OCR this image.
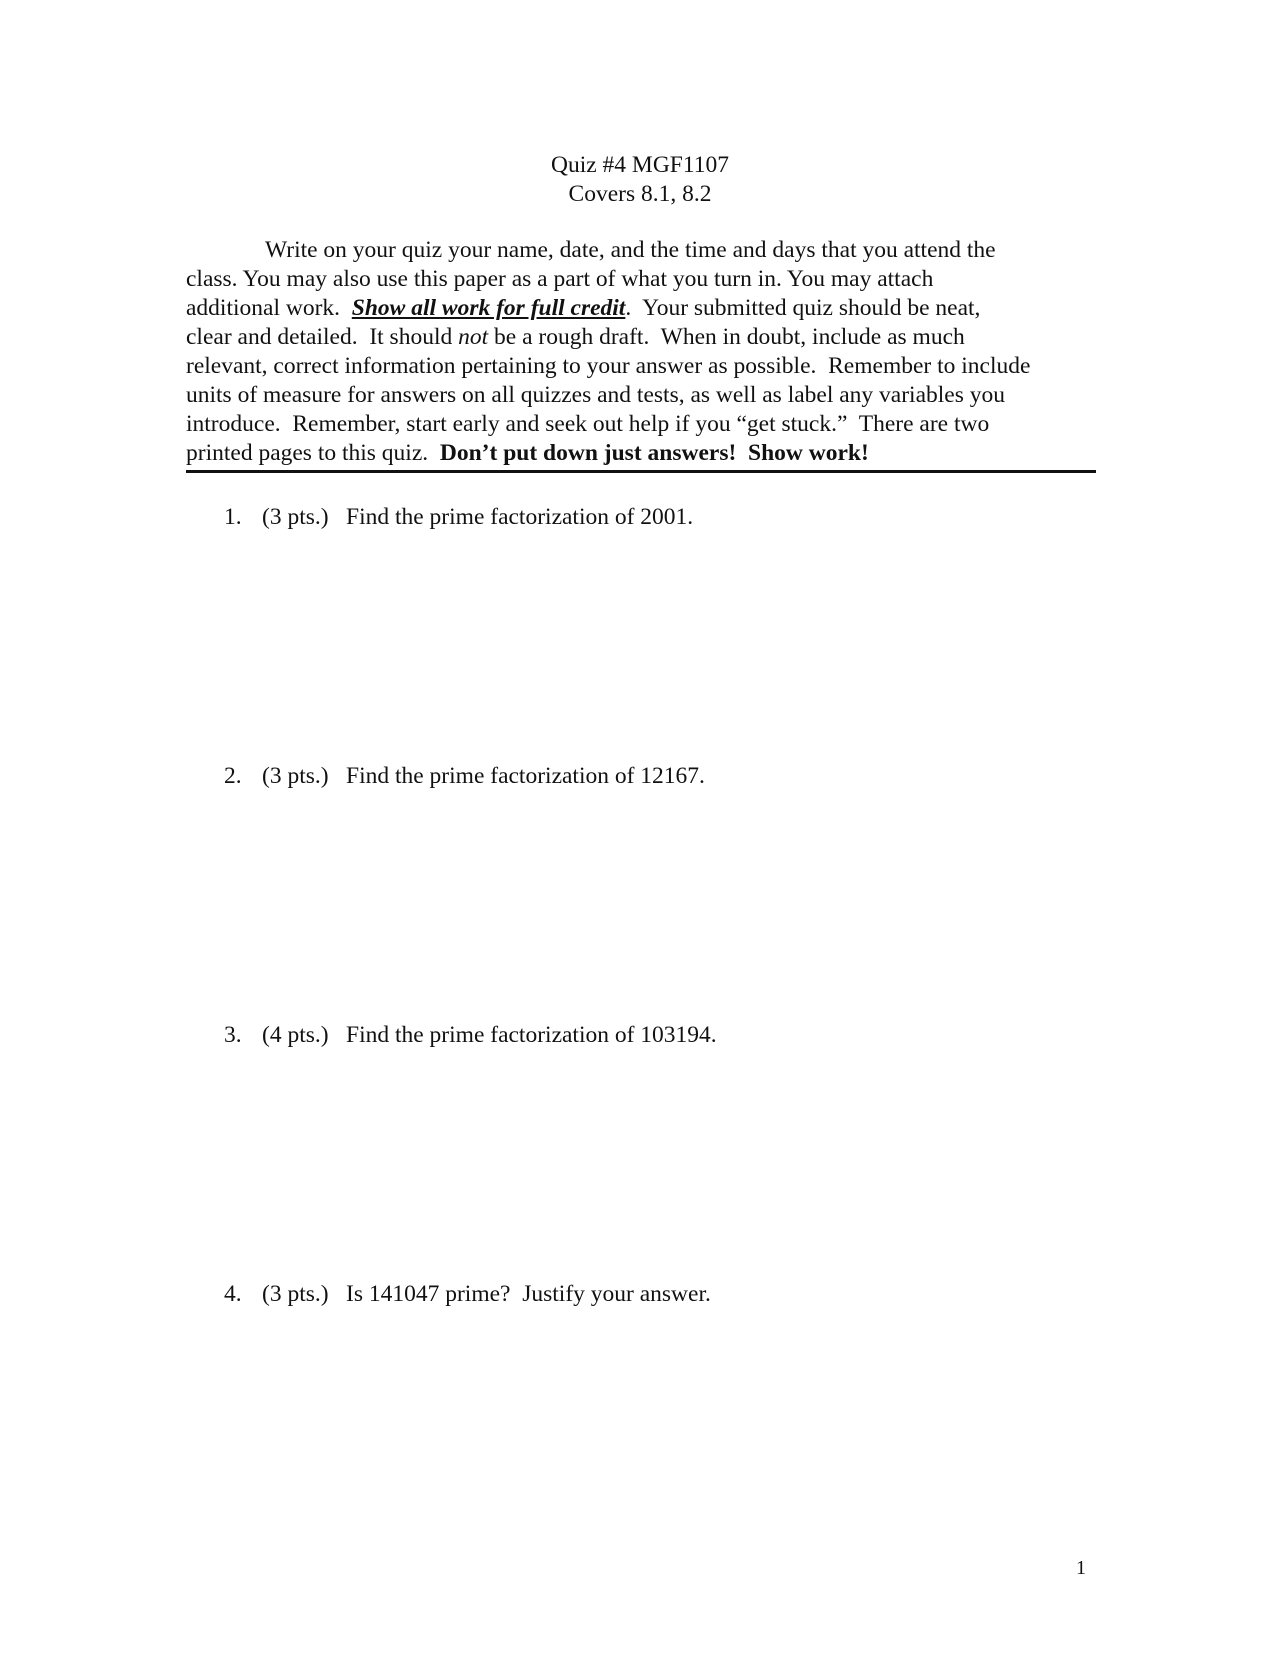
Quiz #4 MGF1107
Covers 8.1, 8.2
Write on your quiz your name, date, and the time and days that you attend the
class. You may also use this paper as a part of what you turn in. You may attach
additional work.  Show all work for full credit.  Your submitted quiz should be neat,
clear and detailed.  It should not be a rough draft.  When in doubt, include as much
relevant, correct information pertaining to your answer as possible.  Remember to include
units of measure for answers on all quizzes and tests, as well as label any variables you
introduce.  Remember, start early and seek out help if you “get stuck.”  There are two
printed pages to this quiz.  Don’t put down just answers!  Show work!
1. (3 pts.) Find the prime factorization of 2001.
2. (3 pts.) Find the prime factorization of 12167.
3. (4 pts.) Find the prime factorization of 103194.
4. (3 pts.) Is 141047 prime?  Justify your answer.
1
